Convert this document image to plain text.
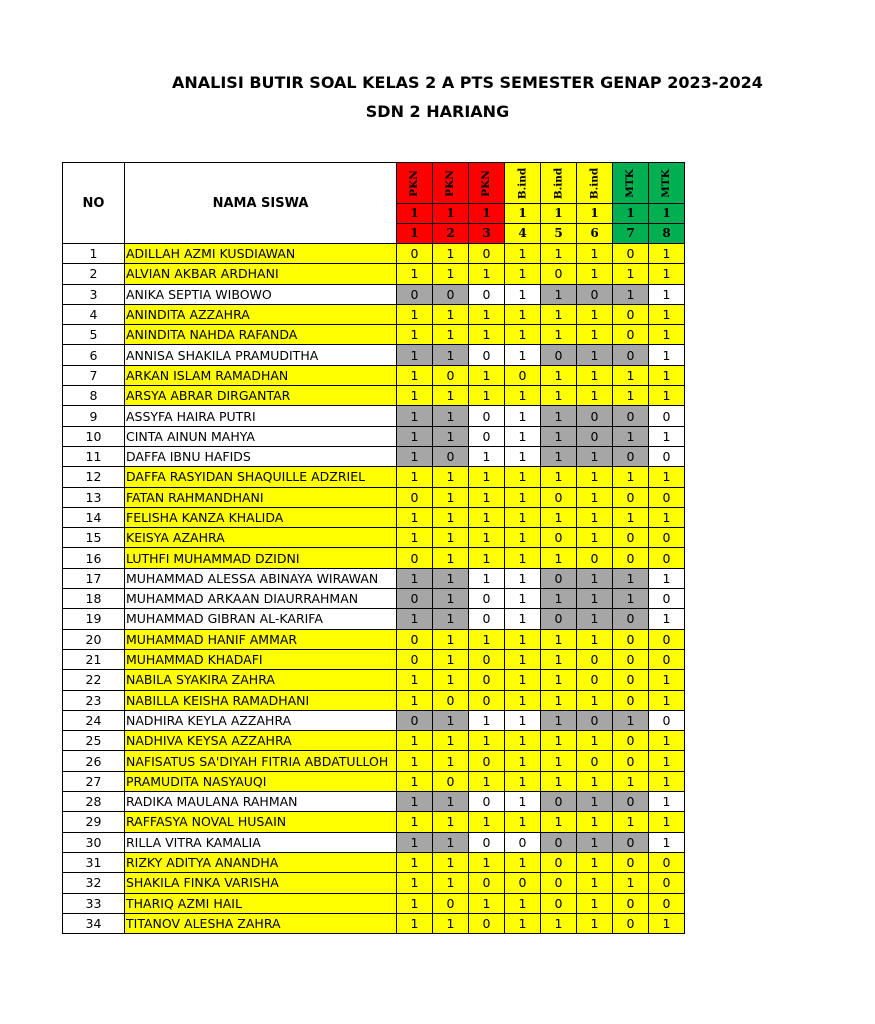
ANALISI BUTIR SOAL KELAS 2 A PTS SEMESTER GENAP 2023-2024
SDN 2 HARIANG
NO	NAMA SISWA	PKN	PKN	PKN	B.ind	B.ind	B.ind	MTK	MTK
		1	1	1	1	1	1	1	1
		1	2	3	4	5	6	7	8
1	ADILLAH AZMI KUSDIAWAN	0	1	0	1	1	1	0	1
2	ALVIAN AKBAR ARDHANI	1	1	1	1	0	1	1	1
3	ANIKA SEPTIA WIBOWO	0	0	0	1	1	0	1	1
4	ANINDITA AZZAHRA	1	1	1	1	1	1	0	1
5	ANINDITA NAHDA RAFANDA	1	1	1	1	1	1	0	1
6	ANNISA SHAKILA PRAMUDITHA	1	1	0	1	0	1	0	1
7	ARKAN ISLAM RAMADHAN	1	0	1	0	1	1	1	1
8	ARSYA ABRAR DIRGANTAR	1	1	1	1	1	1	1	1
9	ASSYFA HAIRA PUTRI	1	1	0	1	1	0	0	0
10	CINTA AINUN MAHYA	1	1	0	1	1	0	1	1
11	DAFFA IBNU HAFIDS	1	0	1	1	1	1	0	0
12	DAFFA RASYIDAN SHAQUILLE ADZRIEL	1	1	1	1	1	1	1	1
13	FATAN RAHMANDHANI	0	1	1	1	0	1	0	0
14	FELISHA KANZA KHALIDA	1	1	1	1	1	1	1	1
15	KEISYA AZAHRA	1	1	1	1	0	1	0	0
16	LUTHFI MUHAMMAD DZIDNI	0	1	1	1	1	0	0	0
17	MUHAMMAD ALESSA ABINAYA WIRAWAN	1	1	1	1	0	1	1	1
18	MUHAMMAD ARKAAN DIAURRAHMAN	0	1	0	1	1	1	1	0
19	MUHAMMAD GIBRAN AL-KARIFA	1	1	0	1	0	1	0	1
20	MUHAMMAD HANIF AMMAR	0	1	1	1	1	1	0	0
21	MUHAMMAD KHADAFI	0	1	0	1	1	0	0	0
22	NABILA SYAKIRA ZAHRA	1	1	0	1	1	0	0	1
23	NABILLA KEISHA RAMADHANI	1	0	0	1	1	1	0	1
24	NADHIRA KEYLA AZZAHRA	0	1	1	1	1	0	1	0
25	NADHIVA KEYSA AZZAHRA	1	1	1	1	1	1	0	1
26	NAFISATUS SA'DIYAH FITRIA ABDATULLOH	1	1	0	1	1	0	0	1
27	PRAMUDITA NASYAUQI	1	0	1	1	1	1	1	1
28	RADIKA MAULANA RAHMAN	1	1	0	1	0	1	0	1
29	RAFFASYA NOVAL HUSAIN	1	1	1	1	1	1	1	1
30	RILLA VITRA KAMALIA	1	1	0	0	0	1	0	1
31	RIZKY ADITYA ANANDHA	1	1	1	1	0	1	0	0
32	SHAKILA FINKA VARISHA	1	1	0	0	0	1	1	0
33	THARIQ AZMI HAIL	1	0	1	1	0	1	0	0
34	TITANOV ALESHA ZAHRA	1	1	0	1	1	1	0	1
